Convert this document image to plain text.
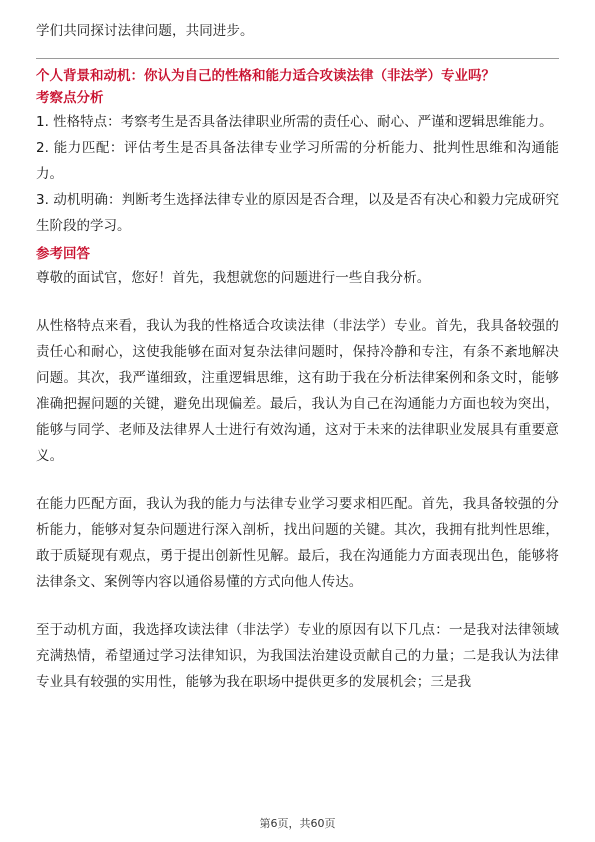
学们共同探讨法律问题，共同进步。

个人背景和动机：你认为自己的性格和能力适合攻读法律（非法学）专业吗？

考察点分析

1. 性格特点：考察考生是否具备法律职业所需的责任心、耐心、严谨和逻辑思维能力。

2. 能力匹配：评估考生是否具备法律专业学习所需的分析能力、批判性思维和沟通能力。

3. 动机明确：判断考生选择法律专业的原因是否合理，以及是否有决心和毅力完成研究生阶段的学习。

参考回答

尊敬的面试官，您好！首先，我想就您的问题进行一些自我分析。

从性格特点来看，我认为我的性格适合攻读法律（非法学）专业。首先，我具备较强的责任心和耐心，这使我能够在面对复杂法律问题时，保持冷静和专注，有条不紊地解决问题。其次，我严谨细致，注重逻辑思维，这有助于我在分析法律案例和条文时，能够准确把握问题的关键，避免出现偏差。最后，我认为自己在沟通能力方面也较为突出，能够与同学、老师及法律界人士进行有效沟通，这对于未来的法律职业发展具有重要意义。

在能力匹配方面，我认为我的能力与法律专业学习要求相匹配。首先，我具备较强的分析能力，能够对复杂问题进行深入剖析，找出问题的关键。其次，我拥有批判性思维，敢于质疑现有观点，勇于提出创新性见解。最后，我在沟通能力方面表现出色，能够将法律条文、案例等内容以通俗易懂的方式向他人传达。

至于动机方面，我选择攻读法律（非法学）专业的原因有以下几点：一是我对法律领域充满热情，希望通过学习法律知识，为我国法治建设贡献自己的力量；二是我认为法律专业具有较强的实用性，能够为我在职场中提供更多的发展机会；三是我

第6页，共60页
